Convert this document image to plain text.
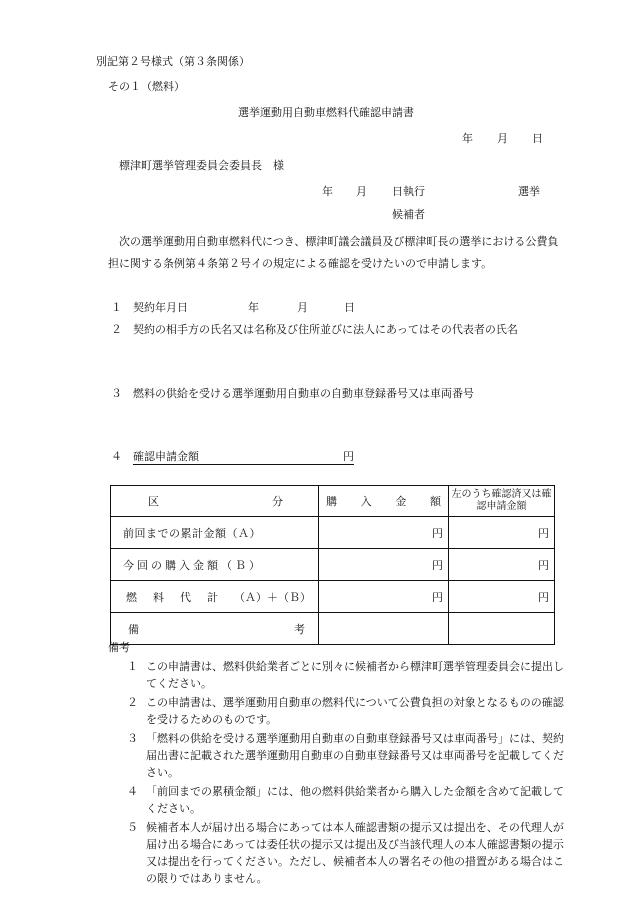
別記第２号様式（第３条関係）
その１（燃料）
選挙運動用自動車燃料代確認申請書
年 月 日
標津町選挙管理委員会委員長　様
年 月 日執行	選挙
候補者
次の選挙運動用自動車燃料代につき、標津町議会議員及び標津町長の選挙における公費負担に関する条例第４条第２号イの規定による確認を受けたいので申請します。
１ 契約年月日	年	月	日
２ 契約の相手方の氏名又は名称及び住所並びに法人にあってはその代表者の氏名
３ 燃料の供給を受ける選挙運動用自動車の自動車登録番号又は車両番号
４ 確認申請金額	円
区 分	購 入 金 額	左のうち確認済又は確認申請金額
前回までの累計金額（Ａ）	円	円
今回の購入金額（Ｂ）	円	円

燃 料 代 計 （Ａ）＋（Ｂ）	円	円

備 考		

備考
１ この申請書は、燃料供給業者ごとに別々に候補者から標津町選挙管理委員会に提出してください。
２ この申請書は、選挙運動用自動車の燃料代について公費負担の対象となるものの確認を受けるためのものです。
３ 「燃料の供給を受ける選挙運動用自動車の自動車登録番号又は車両番号」には、契約届出書に記載された選挙運動用自動車の自動車登録番号又は車両番号を記載してください。
４ 「前回までの累積金額」には、他の燃料供給業者から購入した金額を含めて記載してください。
５ 候補者本人が届け出る場合にあっては本人確認書類の提示又は提出を、その代理人が届け出る場合にあっては委任状の提示又は提出及び当該代理人の本人確認書類の提示又は提出を行ってください。ただし、候補者本人の署名その他の措置がある場合はこの限りではありません。
